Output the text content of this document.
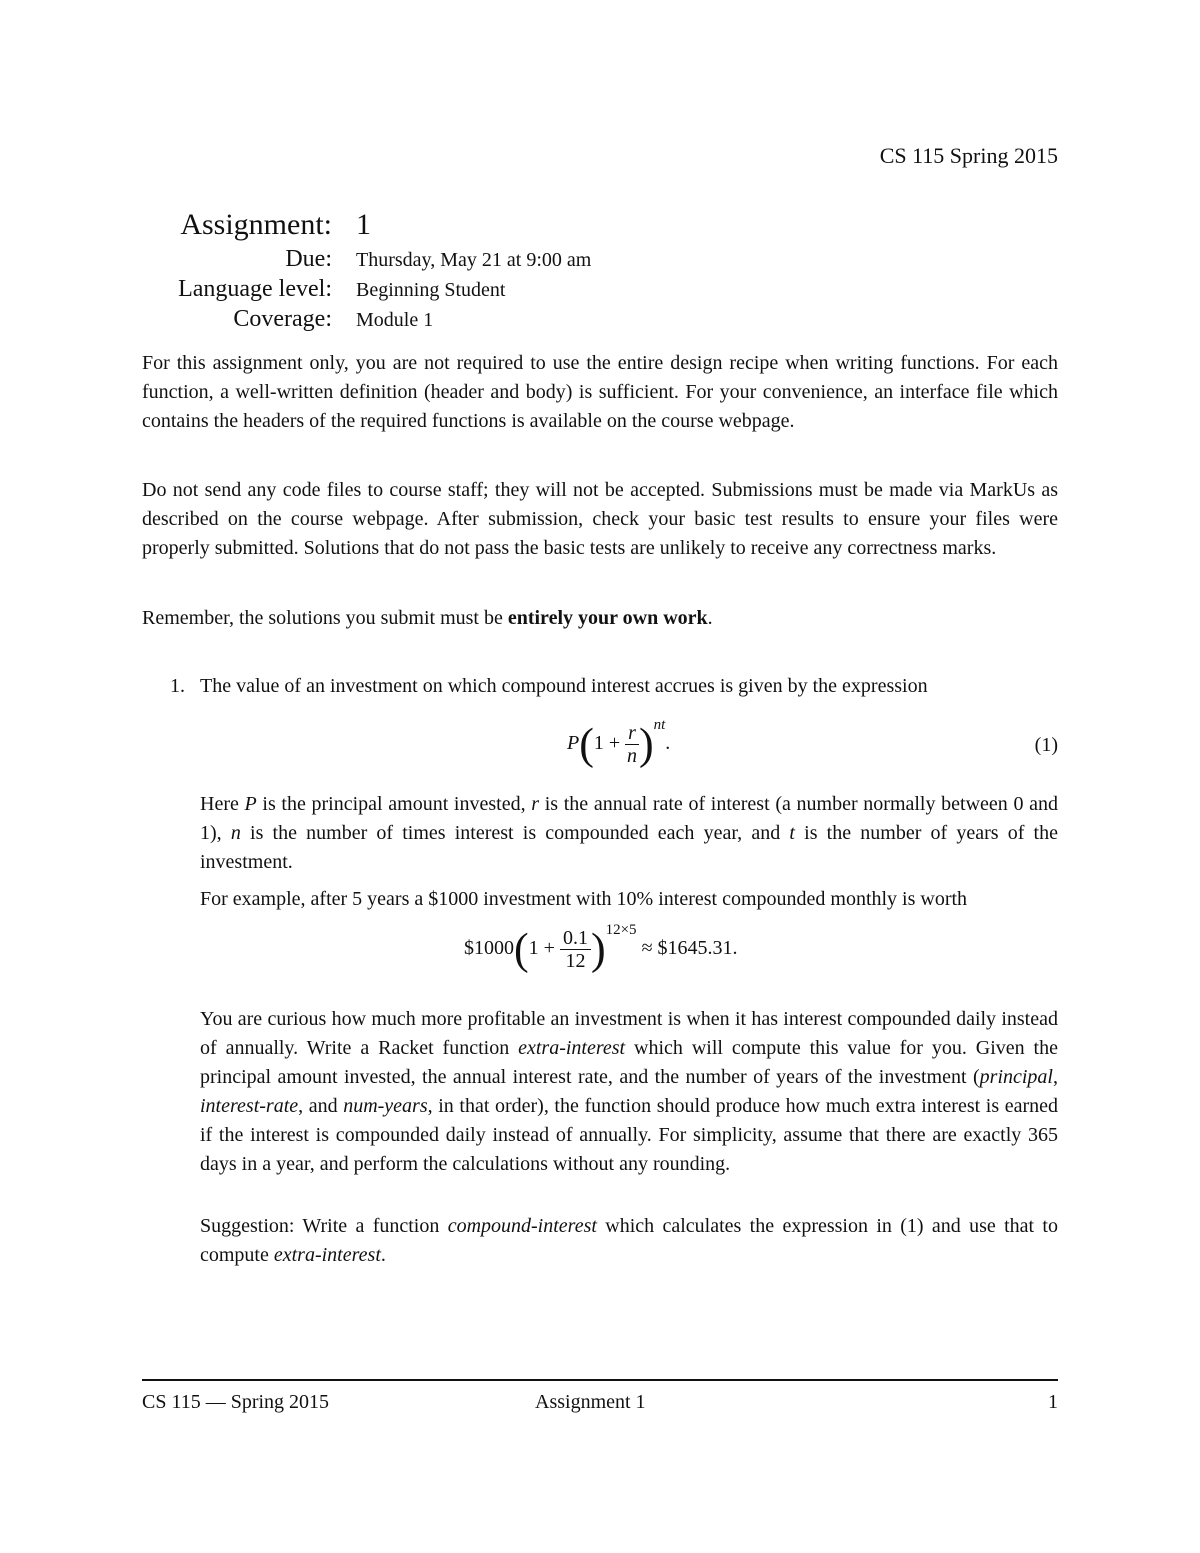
CS 115 Spring 2015
Assignment: 1
Due:	Thursday, May 21 at 9:00 am
Language level:	Beginning Student
Coverage:	Module 1

For this assignment only, you are not required to use the entire design recipe when writing functions. For each function, a well-written definition (header and body) is sufficient. For your convenience, an interface file which contains the headers of the required functions is available on the course webpage.

Do not send any code files to course staff; they will not be accepted. Submissions must be made via MarkUs as described on the course webpage. After submission, check your basic test results to ensure your files were properly submitted. Solutions that do not pass the basic tests are unlikely to receive any correctness marks.

Remember, the solutions you submit must be entirely your own work.

1. The value of an investment on which compound interest accrues is given by the expression

$P(1 + \frac{r}{n} )^{nt}$.	(1)

Here P is the principal amount invested, r is the annual rate of interest (a number normally between 0 and 1), n is the number of times interest is compounded each year, and t is the number of years of the investment.

For example, after 5 years a $1000 investment with 10% interest compounded monthly is worth

$1000(1 + $\frac{0.1}{12} )^{12\times 5}$ ≈ $1645.31.

You are curious how much more profitable an investment is when it has interest compounded daily instead of annually. Write a Racket function extra-interest which will compute this value for you. Given the principal amount invested, the annual interest rate, and the number of years of the investment (principal, interest-rate, and num-years, in that order), the function should produce how much extra interest is earned if the interest is compounded daily instead of annually. For simplicity, assume that there are exactly 365 days in a year, and perform the calculations without any rounding.

Suggestion: Write a function compound-interest which calculates the expression in (1) and use that to compute extra-interest.

CS 115 — Spring 2015	Assignment 1	1
